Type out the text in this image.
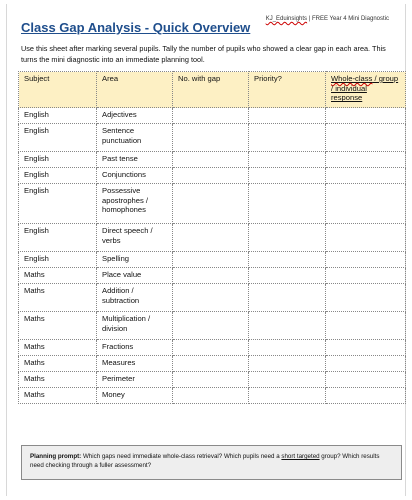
KJ_Eduinsights | FREE Year 4 Mini Diagnostic
Class Gap Analysis - Quick Overview

Use this sheet after marking several pupils. Tally the number of pupils who showed a clear gap in each area. This turns the mini diagnostic into an immediate planning tool.

Subject	Area	No. with gap	Priority?	Whole-class / group / individual response
English	Adjectives			
English	Sentence punctuation			
English	Past tense			
English	Conjunctions			
English	Possessive apostrophes / homophones			
English	Direct speech / verbs			
English	Spelling			
Maths	Place value			
Maths	Addition / subtraction			
Maths	Multiplication / division			
Maths	Fractions			
Maths	Measures			
Maths	Perimeter			
Maths	Money			
Planning prompt: Which gaps need immediate whole-class retrieval? Which pupils need a short targeted group? Which results need checking through a fuller assessment?
